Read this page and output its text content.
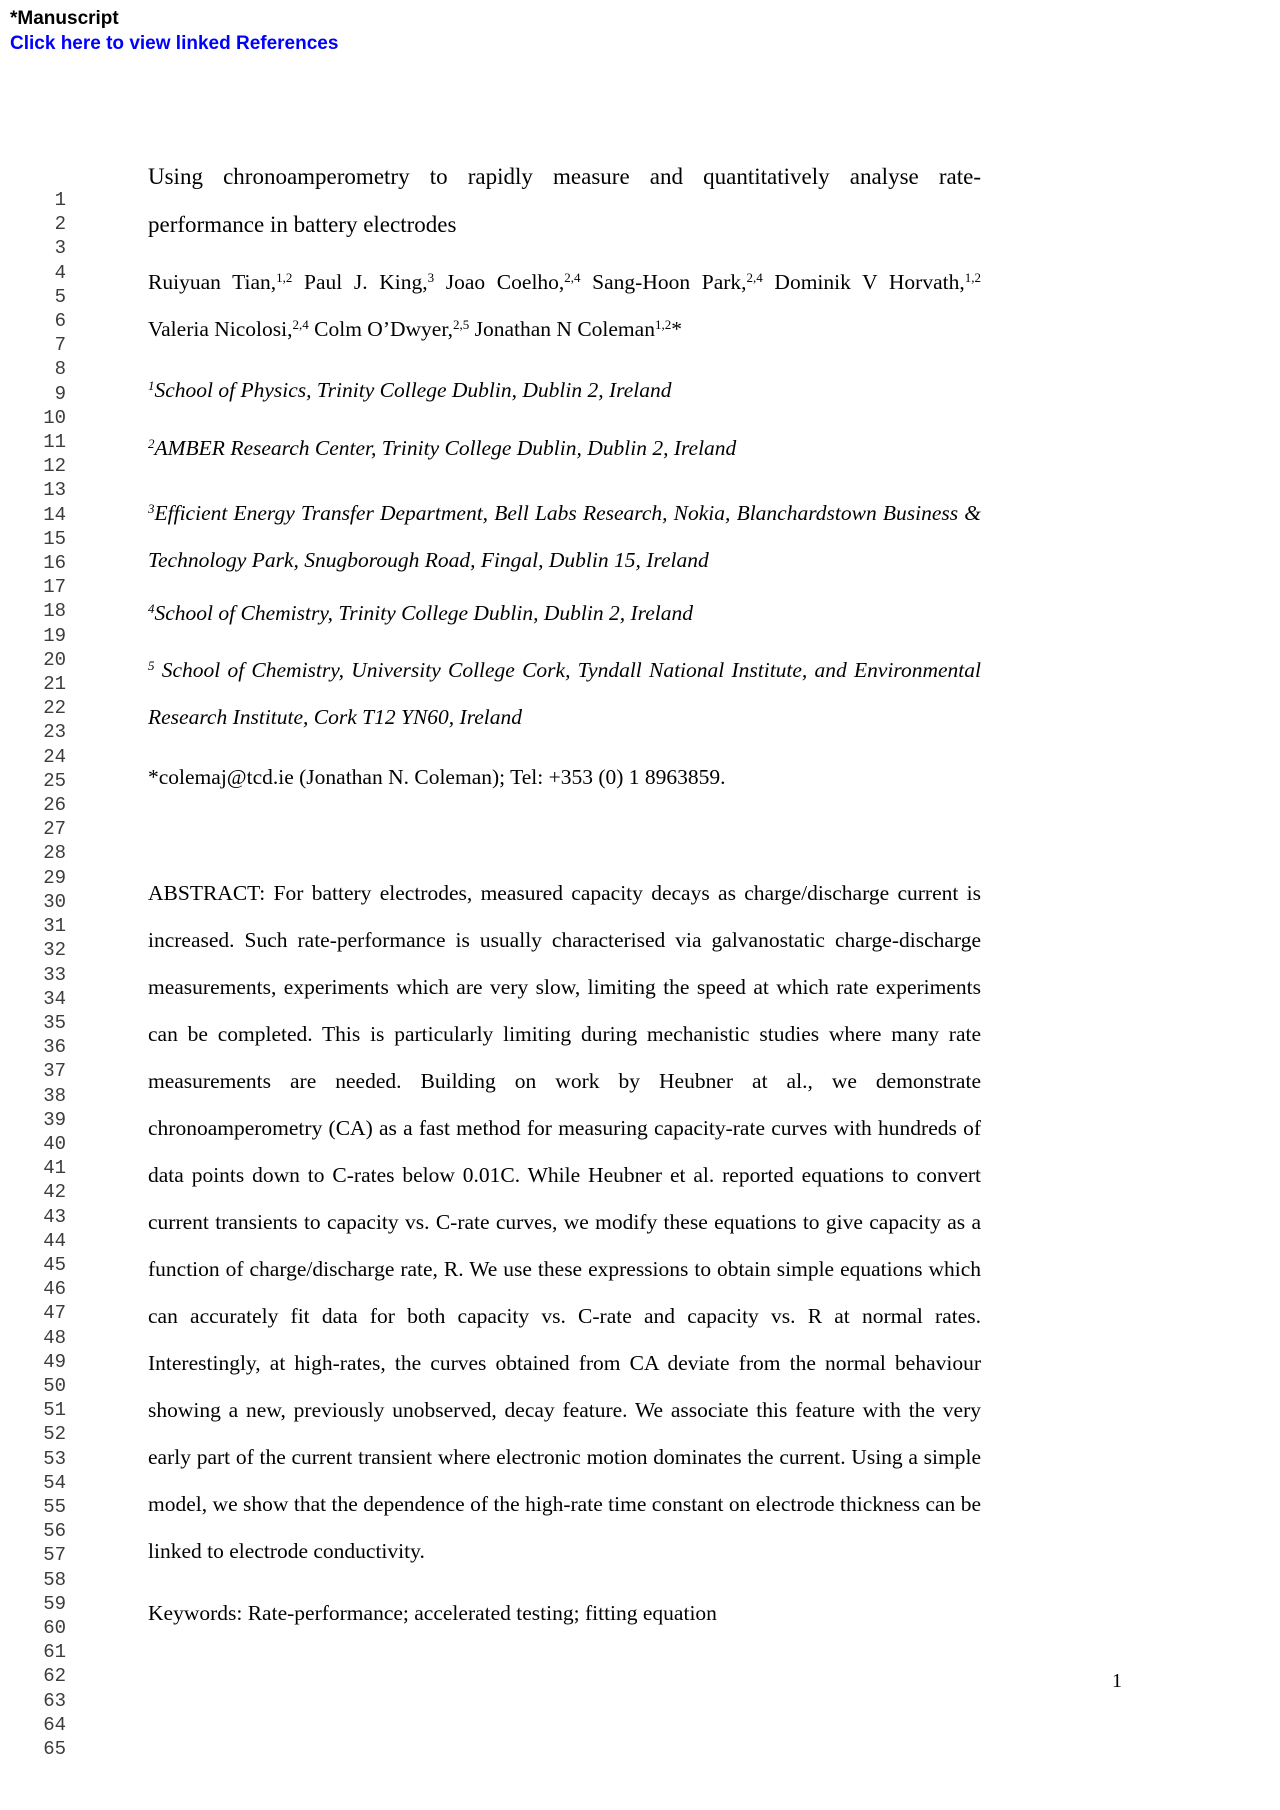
*Manuscript
Click here to view linked References
1
2
3
4
5
6
7
8
9
10
11
12
13
14
15
16
17
18
19
20
21
22
23
24
25
26
27
28
29
30
31
32
33
34
35
36
37
38
39
40
41
42
43
44
45
46
47
48
49
50
51
52
53
54
55
56
57
58
59
60
61
62
63
64
65
Using chronoamperometry to rapidly measure and quantitatively analyse rate-
performance in battery electrodes
Ruiyuan Tian,$^{1,2}$ Paul J. King,$^3$ Joao Coelho,$^{2,4}$ Sang-Hoon Park,$^{2,4}$ Dominik V Horvath,$^{1,2}$
Valeria Nicolosi,$^{2,4}$ Colm O’Dwyer,$^{2,5}$ Jonathan N Coleman$^{1,2}$*
$^1$School of Physics, Trinity College Dublin, Dublin 2, Ireland
$^2$AMBER Research Center, Trinity College Dublin, Dublin 2, Ireland
$^3$Efficient Energy Transfer Department, Bell Labs Research, Nokia, Blanchardstown Business & Technology Park, Snugborough Road, Fingal, Dublin 15, Ireland
$^4$School of Chemistry, Trinity College Dublin, Dublin 2, Ireland
$^5$ School of Chemistry, University College Cork, Tyndall National Institute, and Environmental Research Institute, Cork T12 YN60, Ireland
*colemaj@tcd.ie (Jonathan N. Coleman); Tel: +353 (0) 1 8963859.
ABSTRACT: For battery electrodes, measured capacity decays as charge/discharge current is increased. Such rate-performance is usually characterised via galvanostatic charge-discharge measurements, experiments which are very slow, limiting the speed at which rate experiments can be completed. This is particularly limiting during mechanistic studies where many rate measurements are needed. Building on work by Heubner at al., we demonstrate chronoamperometry (CA) as a fast method for measuring capacity-rate curves with hundreds of data points down to C-rates below 0.01C. While Heubner et al. reported equations to convert current transients to capacity vs. C-rate curves, we modify these equations to give capacity as a function of charge/discharge rate, R. We use these expressions to obtain simple equations which can accurately fit data for both capacity vs. C-rate and capacity vs. R at normal rates. Interestingly, at high-rates, the curves obtained from CA deviate from the normal behaviour showing a new, previously unobserved, decay feature. We associate this feature with the very early part of the current transient where electronic motion dominates the current. Using a simple model, we show that the dependence of the high-rate time constant on electrode thickness can be linked to electrode conductivity.
Keywords: Rate-performance; accelerated testing; fitting equation
1
